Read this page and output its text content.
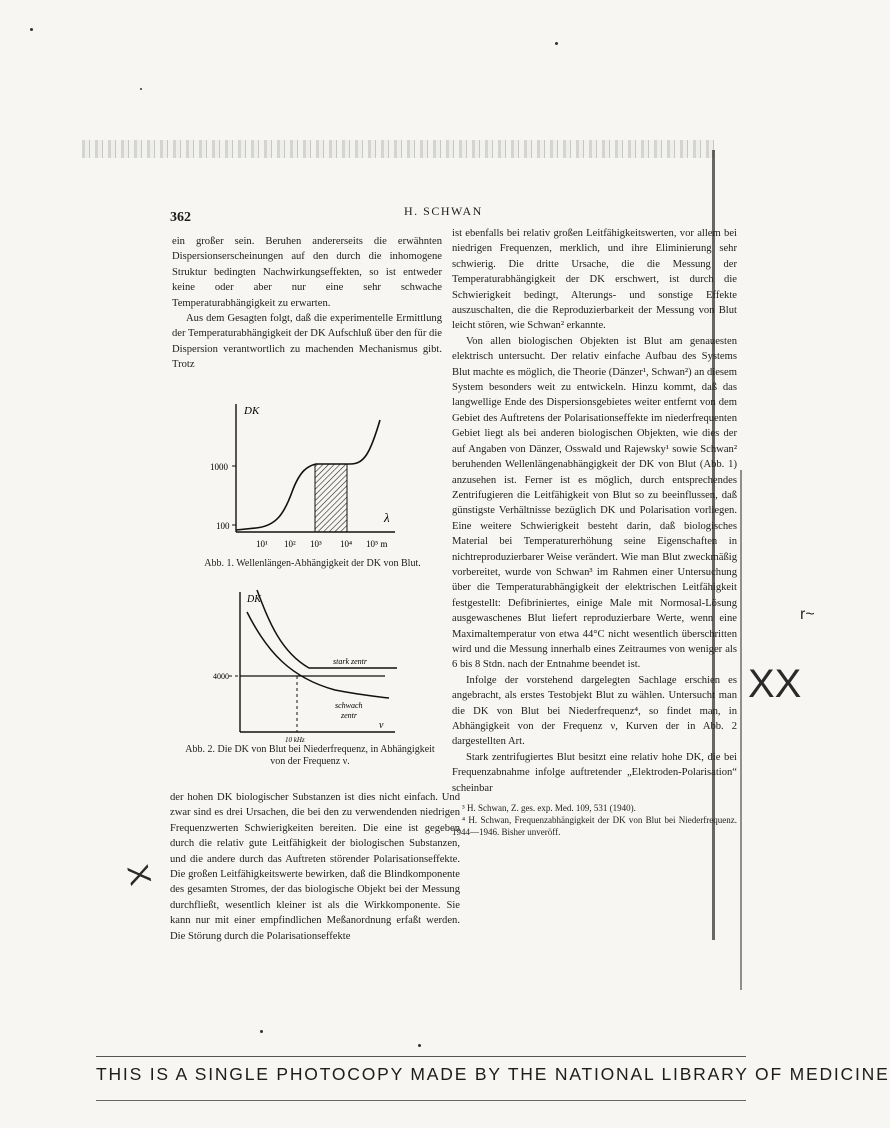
XX
X
r~
362	H. SCHWAN

ein großer sein. Beruhen andererseits die erwähnten Dispersionserscheinungen auf den durch die inhomogene Struktur bedingten Nachwirkungseffekten, so ist entweder keine oder aber nur eine sehr schwache Temperaturabhängigkeit zu erwarten.

Aus dem Gesagten folgt, daß die experimentelle Ermittlung der Temperaturabhängigkeit der DK Aufschluß über den für die Dispersion verantwortlich zu machenden Mechanismus gibt. Trotz

DK
λ
1000
100
10¹ 10² 10³ 10⁴ 10⁵ m
Abb. 1. Wellenlängen-Abhängigkeit der DK von Blut.
DK
4000
10 kHz
ν
stark zentr
schwach
zentr
Abb. 2. Die DK von Blut bei Niederfrequenz, in Abhängigkeit von der Frequenz ν.

der hohen DK biologischer Substanzen ist dies nicht einfach. Und zwar sind es drei Ursachen, die bei den zu verwendenden niedrigen Frequenzwerten Schwierigkeiten bereiten. Die eine ist gegeben durch die relativ gute Leitfähigkeit der biologischen Substanzen, und die andere durch das Auftreten störender Polarisationseffekte. Die großen Leitfähigkeitswerte bewirken, daß die Blindkomponente des gesamten Stromes, der das biologische Objekt bei der Messung durchfließt, wesentlich kleiner ist als die Wirkkomponente. Sie kann nur mit einer empfindlichen Meßanordnung erfaßt werden. Die Störung durch die Polarisationseffekte

ist ebenfalls bei relativ großen Leitfähigkeitswerten, vor allem bei niedrigen Frequenzen, merklich, und ihre Eliminierung sehr schwierig. Die dritte Ursache, die die Messung der Temperaturabhängigkeit der DK erschwert, ist durch die Schwierigkeit bedingt, Alterungs- und sonstige Effekte auszuschalten, die die Reproduzierbarkeit der Messung von Blut leicht stören, wie Schwan² erkannte.

Von allen biologischen Objekten ist Blut am genauesten elektrisch untersucht. Der relativ einfache Aufbau des Systems Blut machte es möglich, die Theorie (Dänzer¹, Schwan²) an diesem System besonders weit zu entwickeln. Hinzu kommt, daß das langwellige Ende des Dispersionsgebietes weiter entfernt von dem Gebiet des Auftretens der Polarisationseffekte im niederfrequenten Gebiet liegt als bei anderen biologischen Objekten, wie dies der auf Angaben von Dänzer, Osswald und Rajewsky¹ sowie Schwan² beruhenden Wellenlängenabhängigkeit der DK von Blut (Abb. 1) anzusehen ist. Ferner ist es möglich, durch entsprechendes Zentrifugieren die Leitfähigkeit von Blut so zu beeinflussen, daß günstigste Verhältnisse bezüglich DK und Polarisation vorliegen. Eine weitere Schwierigkeit besteht darin, daß biologisches Material bei Temperaturerhöhung seine Eigenschaften in nichtreproduzierbarer Weise verändert. Wie man Blut zweckmäßig vorbereitet, wurde von Schwan³ im Rahmen einer Untersuchung über die Temperaturabhängigkeit der elektrischen Leitfähigkeit festgestellt: Defibriniertes, einige Male mit Normosal-Lösung ausgewaschenes Blut liefert reproduzierbare Werte, wenn eine Maximaltemperatur von etwa 44°C nicht wesentlich überschritten wird und die Messung innerhalb eines Zeitraumes von weniger als 6 bis 8 Stdn. nach der Entnahme beendet ist.

Infolge der vorstehend dargelegten Sachlage erschien es angebracht, als erstes Testobjekt Blut zu wählen. Untersucht man die DK von Blut bei Niederfrequenz⁴, so findet man, in Abhängigkeit von der Frequenz ν, Kurven der in Abb. 2 dargestellten Art.

Stark zentrifugiertes Blut besitzt eine relativ hohe DK, die bei Frequenzabnahme infolge auftretender „Elektroden-Polarisation“ scheinbar

³ H. Schwan, Z. ges. exp. Med. 109, 531 (1940).

⁴ H. Schwan, Frequenzabhängigkeit der DK von Blut bei Niederfrequenz. 1944—1946. Bisher unveröff.

THIS IS A SINGLE PHOTOCOPY MADE BY THE NATIONAL LIBRARY OF MEDICINE
